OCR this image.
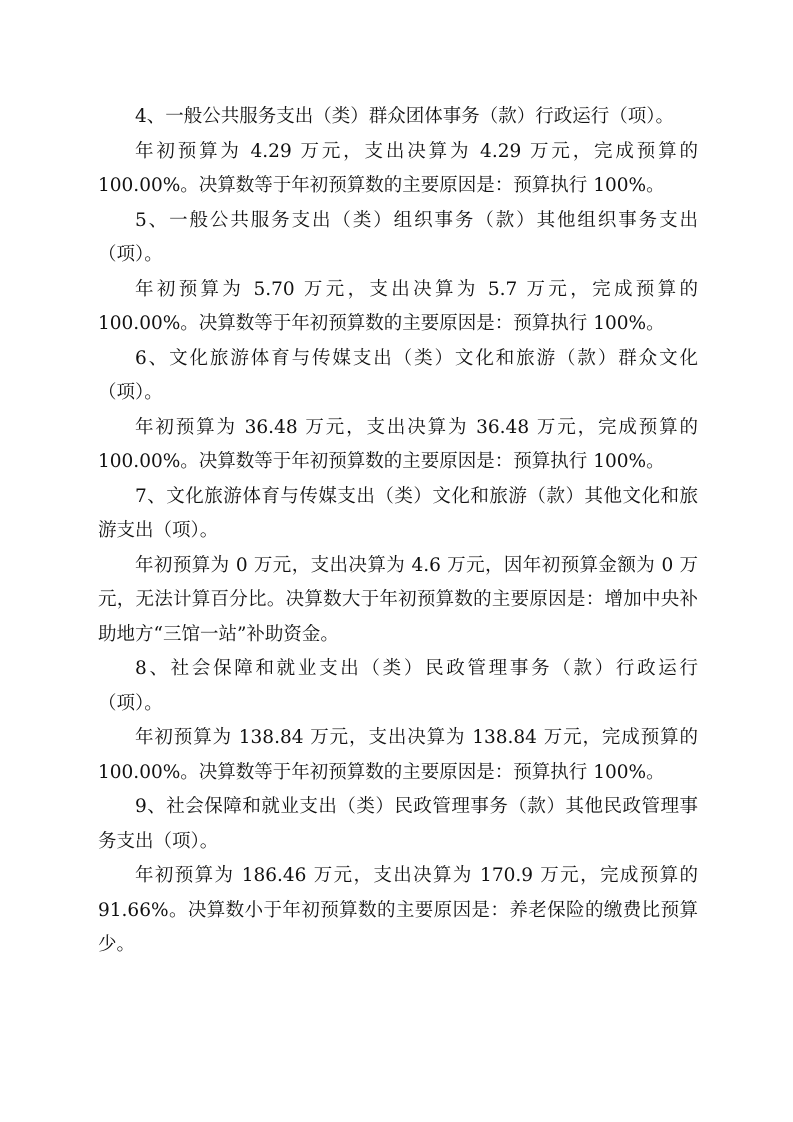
4、一般公共服务支出（类）群众团体事务（款）行政运行（项）。
年初预算为 4.29 万元，支出决算为 4.29 万元，完成预算的
100.00%。决算数等于年初预算数的主要原因是：预算执行 100%。
5、一般公共服务支出（类）组织事务（款）其他组织事务支出
（项）。
年初预算为 5.70 万元，支出决算为 5.7 万元，完成预算的
100.00%。决算数等于年初预算数的主要原因是：预算执行 100%。
6、文化旅游体育与传媒支出（类）文化和旅游（款）群众文化
（项）。
年初预算为 36.48 万元，支出决算为 36.48 万元，完成预算的
100.00%。决算数等于年初预算数的主要原因是：预算执行 100%。
7、文化旅游体育与传媒支出（类）文化和旅游（款）其他文化和旅
游支出（项）。
年初预算为 0 万元，支出决算为 4.6 万元，因年初预算金额为 0 万
元，无法计算百分比。决算数大于年初预算数的主要原因是：增加中央补
助地方“三馆一站”补助资金。
8、社会保障和就业支出（类）民政管理事务（款）行政运行
（项）。
年初预算为 138.84 万元，支出决算为 138.84 万元，完成预算的
100.00%。决算数等于年初预算数的主要原因是：预算执行 100%。
9、社会保障和就业支出（类）民政管理事务（款）其他民政管理事
务支出（项）。
年初预算为 186.46 万元，支出决算为 170.9 万元，完成预算的
91.66%。决算数小于年初预算数的主要原因是：养老保险的缴费比预算
少。
